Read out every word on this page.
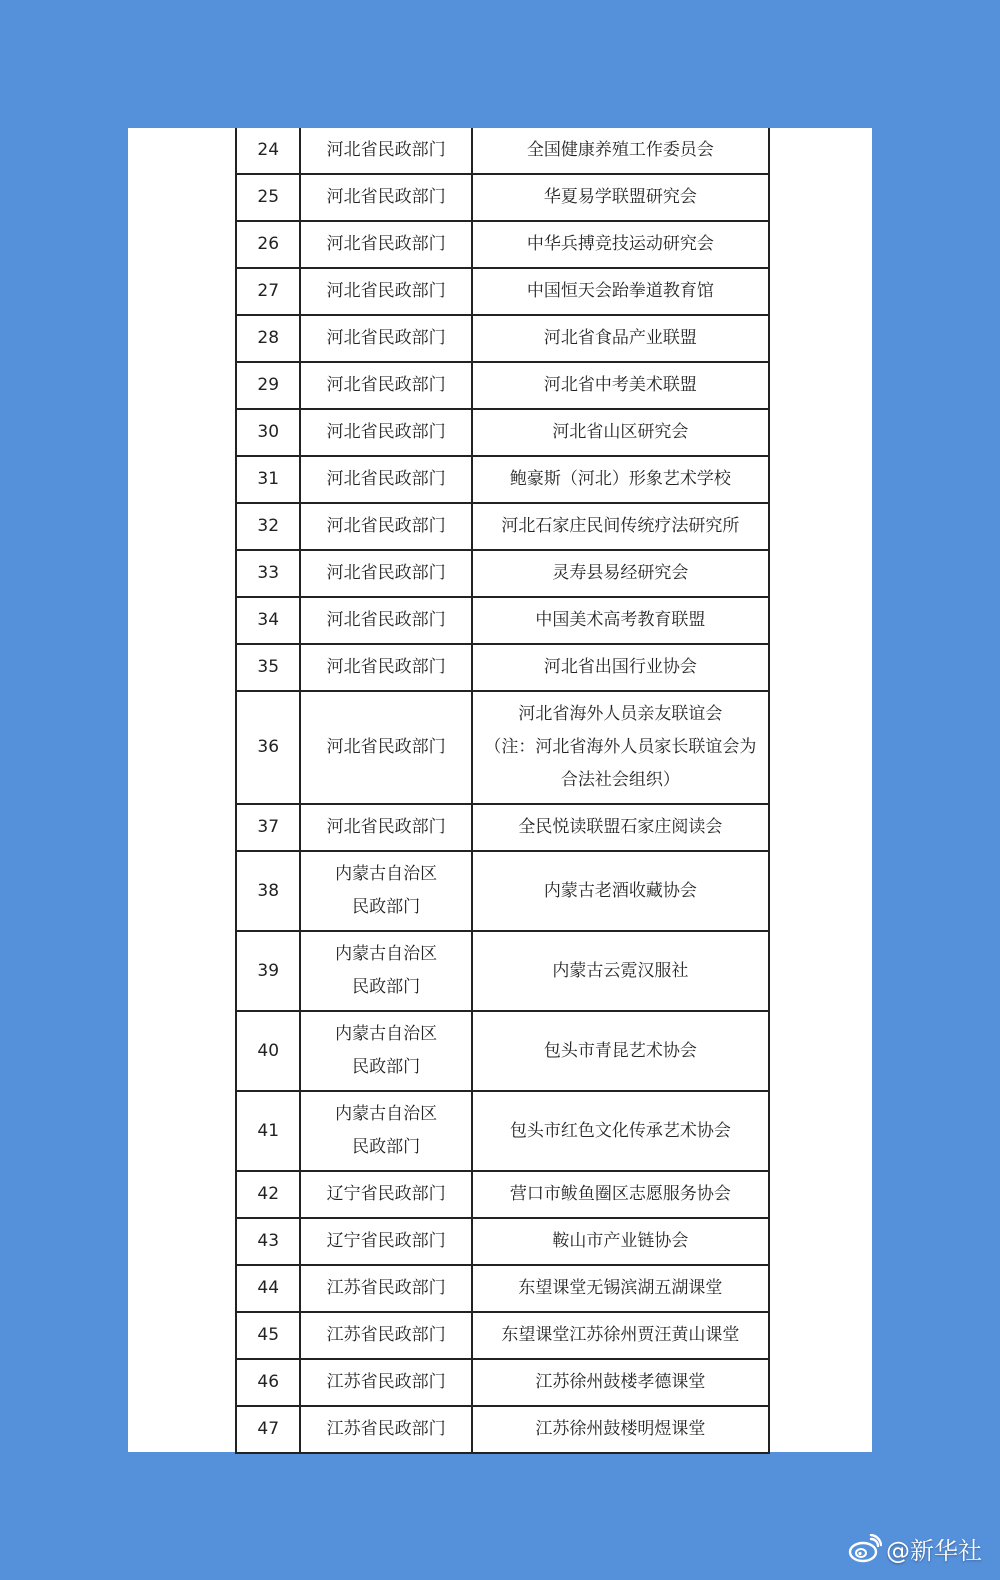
24	河北省民政部门	全国健康养殖工作委员会
25	河北省民政部门	华夏易学联盟研究会
26	河北省民政部门	中华兵搏竞技运动研究会
27	河北省民政部门	中国恒天会跆拳道教育馆
28	河北省民政部门	河北省食品产业联盟
29	河北省民政部门	河北省中考美术联盟
30	河北省民政部门	河北省山区研究会
31	河北省民政部门	鲍豪斯（河北）形象艺术学校
32	河北省民政部门	河北石家庄民间传统疗法研究所
33	河北省民政部门	灵寿县易经研究会
34	河北省民政部门	中国美术高考教育联盟
35	河北省民政部门	河北省出国行业协会
36	河北省民政部门	河北省海外人员亲友联谊会
（注：河北省海外人员家长联谊会为
合法社会组织）
37	河北省民政部门	全民悦读联盟石家庄阅读会
38	内蒙古自治区
民政部门	内蒙古老酒收藏协会
39	内蒙古自治区
民政部门	内蒙古云霓汉服社
40	内蒙古自治区
民政部门	包头市青昆艺术协会
41	内蒙古自治区
民政部门	包头市红色文化传承艺术协会
42	辽宁省民政部门	营口市鲅鱼圈区志愿服务协会
43	辽宁省民政部门	鞍山市产业链协会
44	江苏省民政部门	东望课堂无锡滨湖五湖课堂
45	江苏省民政部门	东望课堂江苏徐州贾汪黄山课堂
46	江苏省民政部门	江苏徐州鼓楼孝德课堂
47	江苏省民政部门	江苏徐州鼓楼明煜课堂
@新华社
